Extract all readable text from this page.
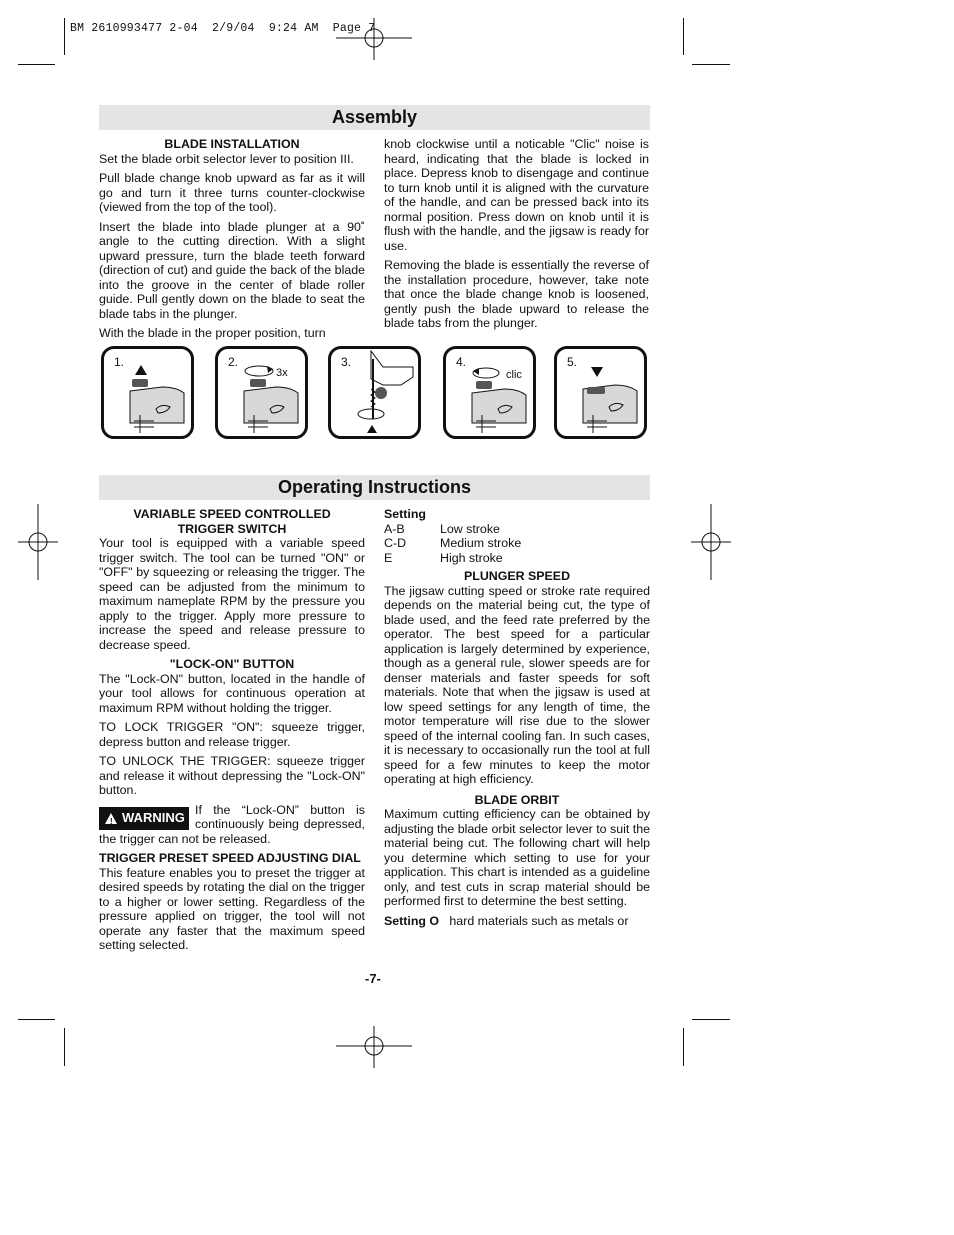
BM 2610993477 2-04  2/9/04  9:24 AM  Page 7
Assembly
BLADE INSTALLATION

Set the blade orbit selector lever to position III.

Pull blade change knob upward as far as it will go and turn it three turns counter-clockwise (viewed from the top of the tool).

Insert the blade into blade plunger at a 90˚ angle to the cutting direction. With a slight upward pressure, turn the blade teeth forward (direction of cut) and guide the back of the blade into the groove in the center of blade roller guide. Pull gently down on the blade to seat the blade tabs in the plunger.

With the blade in the proper position, turn

knob clockwise until a noticable "Clic" noise is heard, indicating that the blade is locked in place. Depress knob to disengage and continue to turn knob until it is aligned with the curvature of the handle, and can be pressed back into its normal position. Press down on knob until it is flush with the handle, and the jigsaw is ready for use.

Removing the blade is essentially the reverse of the installation procedure, however, take note that once the blade change knob is loosened, gently push the blade upward to release the blade tabs from the plunger.

1.	2.
3x
3.	4.
clic
5.
Operating Instructions
VARIABLE SPEED CONTROLLED TRIGGER SWITCH

Your tool is equipped with a variable speed trigger switch. The tool can be turned "ON" or "OFF" by squeezing or releasing the trigger. The speed can be adjusted from the minimum to maximum nameplate RPM by the pressure you apply to the trigger. Apply more pressure to increase the speed and release pressure to decrease speed.

"LOCK-ON" BUTTON

The "Lock-ON" button, located in the handle of your tool allows for continuous operation at maximum RPM without holding the trigger.

TO LOCK TRIGGER "ON": squeeze trigger, depress button and release trigger.

TO UNLOCK THE TRIGGER: squeeze trigger and release it without depressing the "Lock-ON" button.

! WARNING
If the “Lock-ON” button is continuously being depressed, the trigger can not be released.
TRIGGER PRESET SPEED ADJUSTING DIAL

This feature enables you to preset the trigger at desired speeds by rotating the dial on the trigger to a higher or lower setting. Regardless of the pressure applied on trigger, the tool will not operate any faster that the maximum speed setting selected.

Setting
A-B	Low stroke
C-D	Medium stroke
E	High stroke
PLUNGER SPEED

The jigsaw cutting speed or stroke rate required depends on the material being cut, the type of blade used, and the feed rate preferred by the operator. The best speed for a particular application is largely determined by experience, though as a general rule, slower speeds are for denser materials and faster speeds for soft materials. Note that when the jigsaw is used at low speed settings for any length of time, the motor temperature will rise due to the slower speed of the internal cooling fan. In such cases, it is necessary to occasionally run the tool at full speed for a few minutes to keep the motor operating at high efficiency.

BLADE ORBIT

Maximum cutting efficiency can be obtained by adjusting the blade orbit selector lever to suit the material being cut. The following chart will help you determine which setting to use for your application. This chart is intended as a guideline only, and test cuts in scrap material should be performed first to determine the best setting.

Setting O hard materials such as metals or

-7-
